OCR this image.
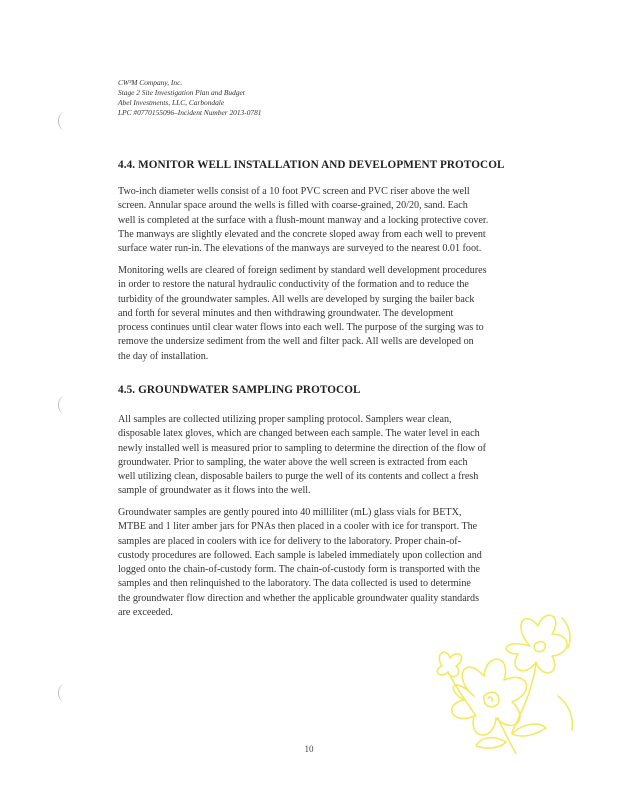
CW³M Company, Inc.
Stage 2 Site Investigation Plan and Budget
Abel Investments, LLC, Carbondale
LPC #0770155096–Incident Number 2013-0781
4.4. MONITOR WELL INSTALLATION AND DEVELOPMENT PROTOCOL
Two-inch diameter wells consist of a 10 foot PVC screen and PVC riser above the well
screen. Annular space around the wells is filled with coarse-grained, 20/20, sand. Each
well is completed at the surface with a flush-mount manway and a locking protective cover.
The manways are slightly elevated and the concrete sloped away from each well to prevent
surface water run-in. The elevations of the manways are surveyed to the nearest 0.01 foot.
Monitoring wells are cleared of foreign sediment by standard well development procedures
in order to restore the natural hydraulic conductivity of the formation and to reduce the
turbidity of the groundwater samples. All wells are developed by surging the bailer back
and forth for several minutes and then withdrawing groundwater. The development
process continues until clear water flows into each well. The purpose of the surging was to
remove the undersize sediment from the well and filter pack. All wells are developed on
the day of installation.
4.5. GROUNDWATER SAMPLING PROTOCOL
All samples are collected utilizing proper sampling protocol. Samplers wear clean,
disposable latex gloves, which are changed between each sample. The water level in each
newly installed well is measured prior to sampling to determine the direction of the flow of
groundwater. Prior to sampling, the water above the well screen is extracted from each
well utilizing clean, disposable bailers to purge the well of its contents and collect a fresh
sample of groundwater as it flows into the well.
Groundwater samples are gently poured into 40 milliliter (mL) glass vials for BETX,
MTBE and 1 liter amber jars for PNAs then placed in a cooler with ice for transport. The
samples are placed in coolers with ice for delivery to the laboratory. Proper chain-of-
custody procedures are followed. Each sample is labeled immediately upon collection and
logged onto the chain-of-custody form. The chain-of-custody form is transported with the
samples and then relinquished to the laboratory. The data collected is used to determine
the groundwater flow direction and whether the applicable groundwater quality standards
are exceeded.
10
